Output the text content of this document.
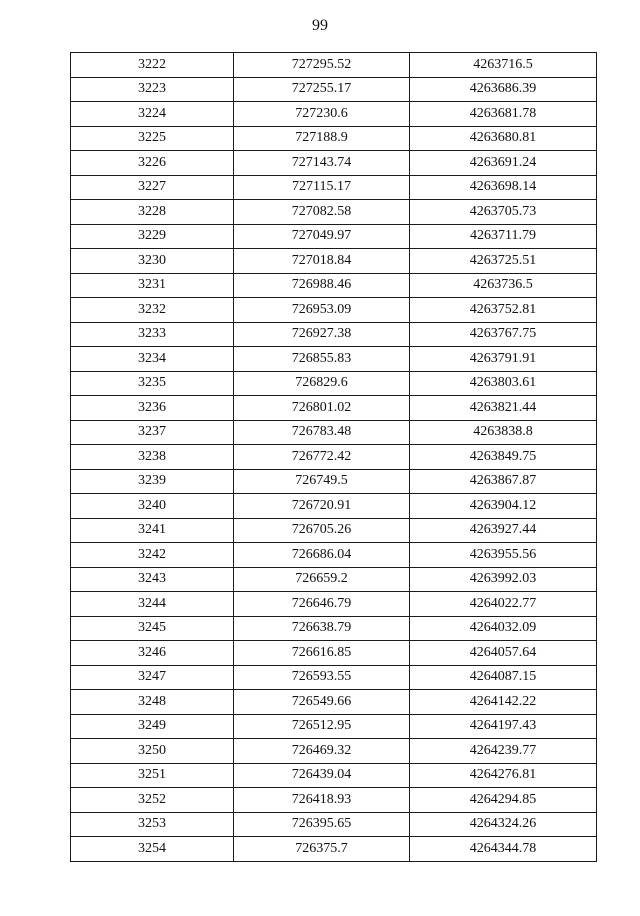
99
3222	727295.52	4263716.5
3223	727255.17	4263686.39
3224	727230.6	4263681.78
3225	727188.9	4263680.81
3226	727143.74	4263691.24
3227	727115.17	4263698.14
3228	727082.58	4263705.73
3229	727049.97	4263711.79
3230	727018.84	4263725.51
3231	726988.46	4263736.5
3232	726953.09	4263752.81
3233	726927.38	4263767.75
3234	726855.83	4263791.91
3235	726829.6	4263803.61
3236	726801.02	4263821.44
3237	726783.48	4263838.8
3238	726772.42	4263849.75
3239	726749.5	4263867.87
3240	726720.91	4263904.12
3241	726705.26	4263927.44
3242	726686.04	4263955.56
3243	726659.2	4263992.03
3244	726646.79	4264022.77
3245	726638.79	4264032.09
3246	726616.85	4264057.64
3247	726593.55	4264087.15
3248	726549.66	4264142.22
3249	726512.95	4264197.43
3250	726469.32	4264239.77
3251	726439.04	4264276.81
3252	726418.93	4264294.85
3253	726395.65	4264324.26
3254	726375.7	4264344.78
